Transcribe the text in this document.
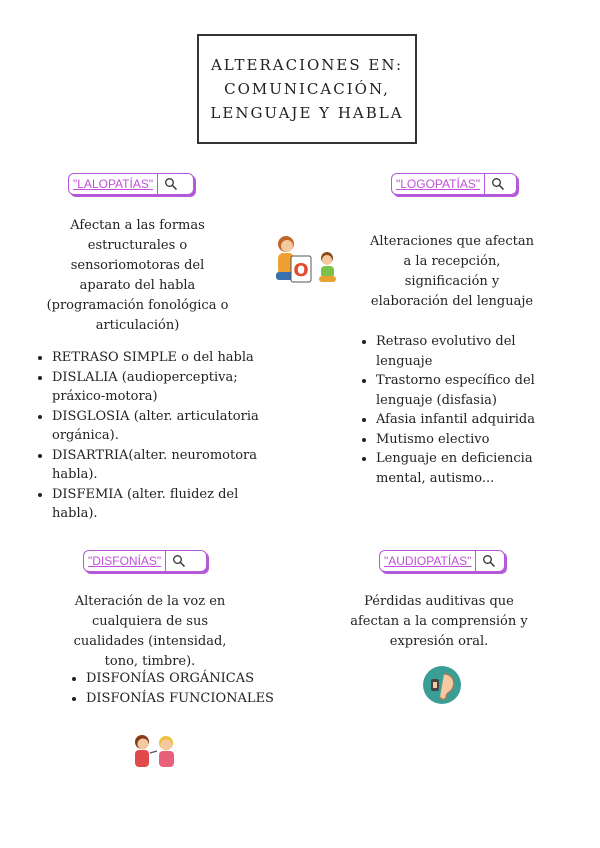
ALTERACIONES EN:
COMUNICACIÓN,
LENGUAJE Y HABLA
"LALOPATÍAS"
Afectan a las formas estructurales o sensoriomotoras del aparato del habla (programación fonológica o articulación)
• RETRASO SIMPLE o del habla
• DISLALIA (audioperceptiva; práxico-motora)
• DISGLOSIA (alter. articulatoria orgánica).
• DISARTRIA(alter. neuromotora habla).
• DISFEMIA (alter. fluidez del habla).
O
"LOGOPATÍAS"
Alteraciones que afectan a la recepción, significación y elaboración del lenguaje
• Retraso evolutivo del lenguaje
• Trastorno específico del lenguaje (disfasia)
• Afasia infantil adquirida
• Mutismo electivo
• Lenguaje en deficiencia mental, autismo...
"DISFONÍAS"
Alteración de la voz en cualquiera de sus cualidades (intensidad, tono, timbre).
• DISFONÍAS ORGÁNICAS
• DISFONÍAS FUNCIONALES
"AUDIOPATÍAS"
Pérdidas auditivas que afectan a la comprensión y expresión oral.
